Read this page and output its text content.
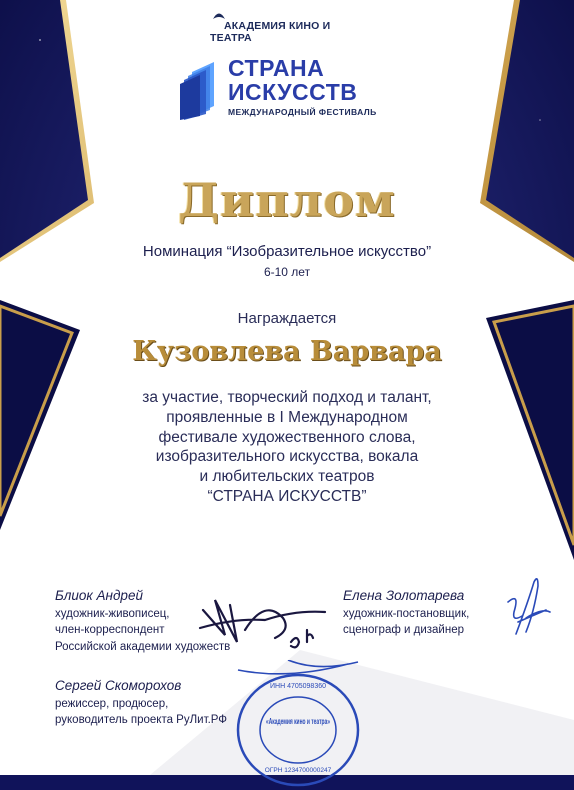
АКАДЕМИЯ КИНО И ТЕАТРА
СТРАНА
ИСКУССТВ
МЕЖДУНАРОДНЫЙ ФЕСТИВАЛЬ
Диплом
Номинация “Изобразительное искусство”
6-10 лет
Награждается
Кузовлева Варвара
за участие, творческий подход и талант,
проявленные в I Международном
фестивале художественного слова,
изобразительного искусства, вокала
и любительских театров
“СТРАНА ИСКУССТВ”
Блиок Андрей
художник-живописец,
член-корреспондент
Российской академии художеств
Елена Золотарева
художник-постановщик,
сценограф и дизайнер
Сергей Скоморохов
режиссер, продюсер,
руководитель проекта РуЛит.РФ
ИНН 4705098360
«Академия кино и театра»
ОГРН 1234700000247
